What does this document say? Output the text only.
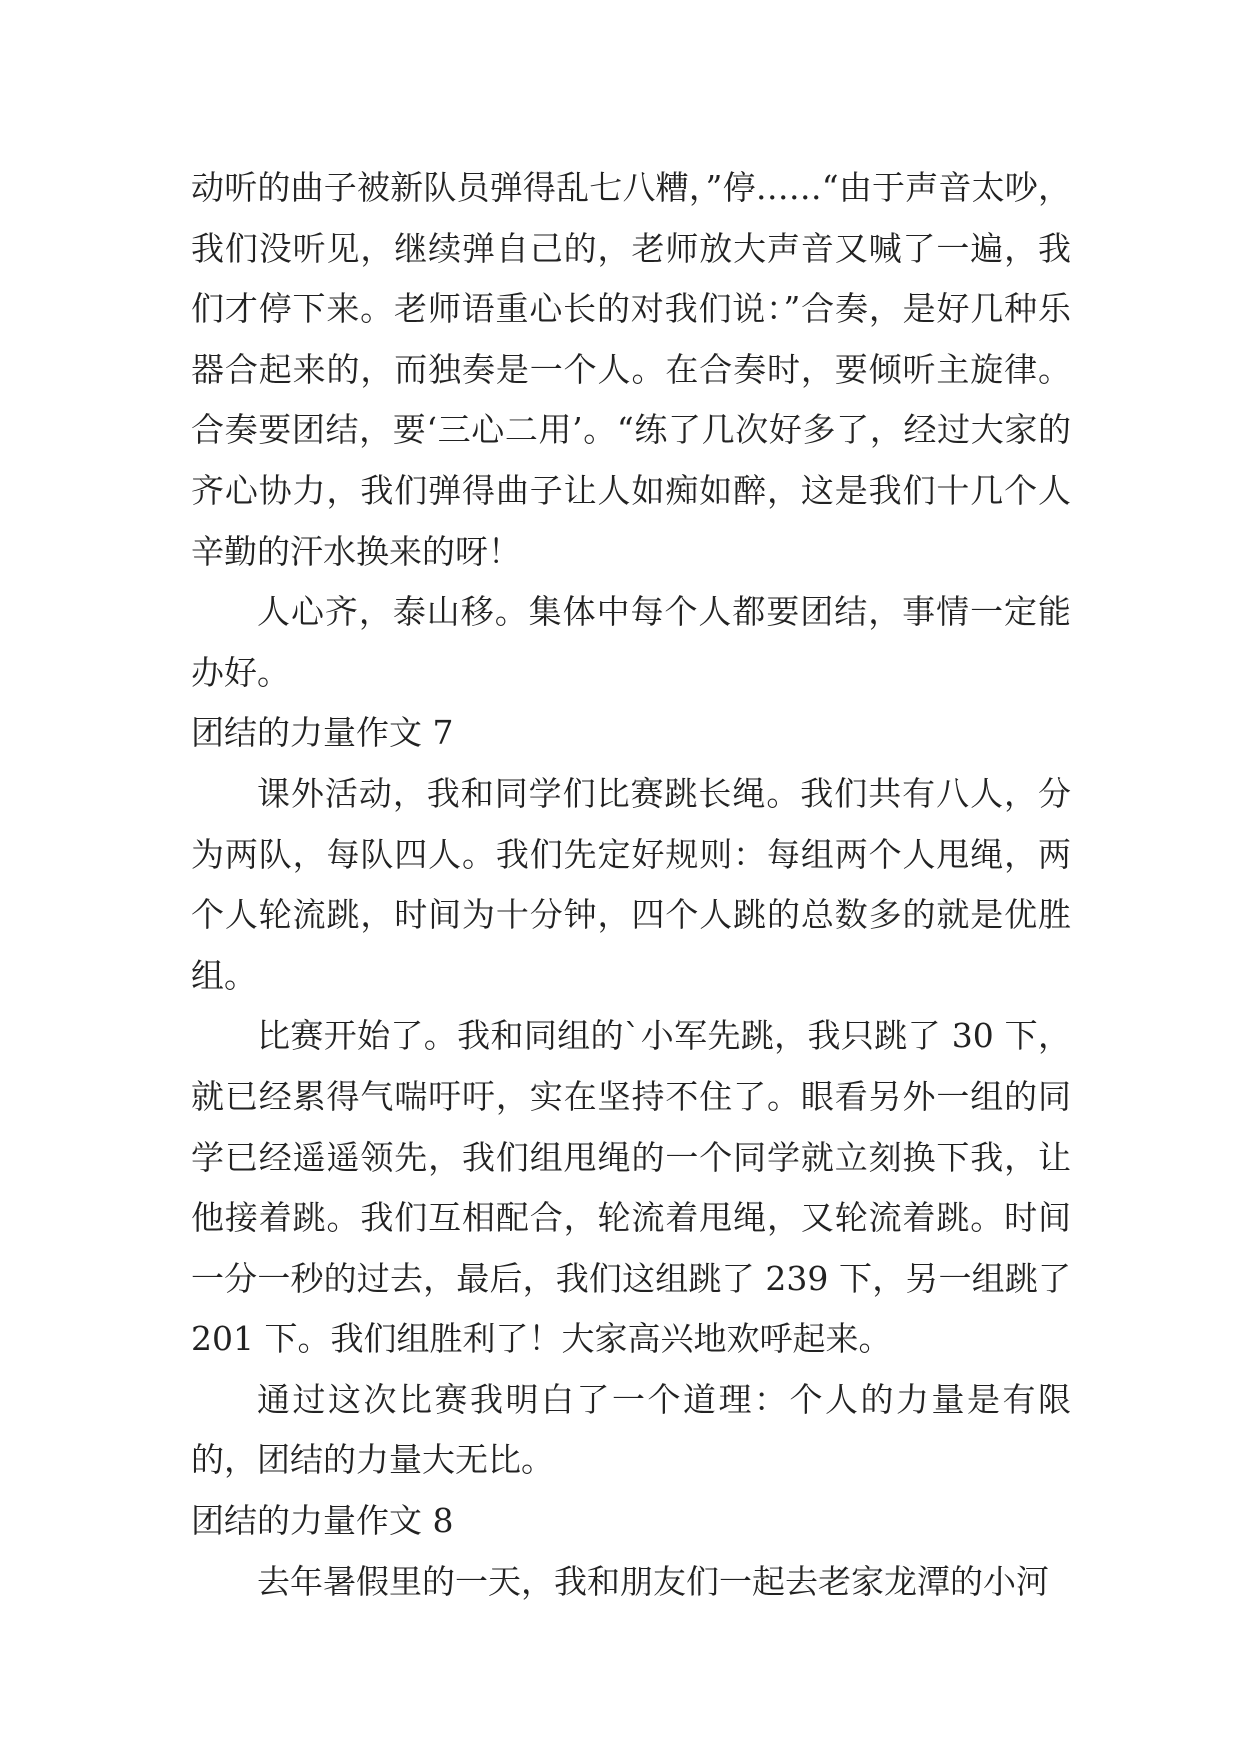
动听的曲子被新队员弹得乱七八糟，”停……“由于声音太吵，我们没听见，继续弹自己的，老师放大声音又喊了一遍，我们才停下来。老师语重心长的对我们说：”合奏，是好几种乐器合起来的，而独奏是一个人。在合奏时，要倾听主旋律。合奏要团结，要‘三心二用’。“练了几次好多了，经过大家的齐心协力，我们弹得曲子让人如痴如醉，这是我们十几个人辛勤的汗水换来的呀！

人心齐，泰山移。集体中每个人都要团结，事情一定能办好。

团结的力量作文 7

课外活动，我和同学们比赛跳长绳。我们共有八人，分为两队，每队四人。我们先定好规则：每组两个人甩绳，两个人轮流跳，时间为十分钟，四个人跳的总数多的就是优胜组。

比赛开始了。我和同组的`小军先跳，我只跳了 30 下，就已经累得气喘吁吁，实在坚持不住了。眼看另外一组的同学已经遥遥领先，我们组甩绳的一个同学就立刻换下我，让他接着跳。我们互相配合，轮流着甩绳，又轮流着跳。时间一分一秒的过去，最后，我们这组跳了 239 下，另一组跳了 201 下。我们组胜利了！大家高兴地欢呼起来。

通过这次比赛我明白了一个道理：个人的力量是有限的，团结的力量大无比。

团结的力量作文 8

去年暑假里的一天，我和朋友们一起去老家龙潭的小河
